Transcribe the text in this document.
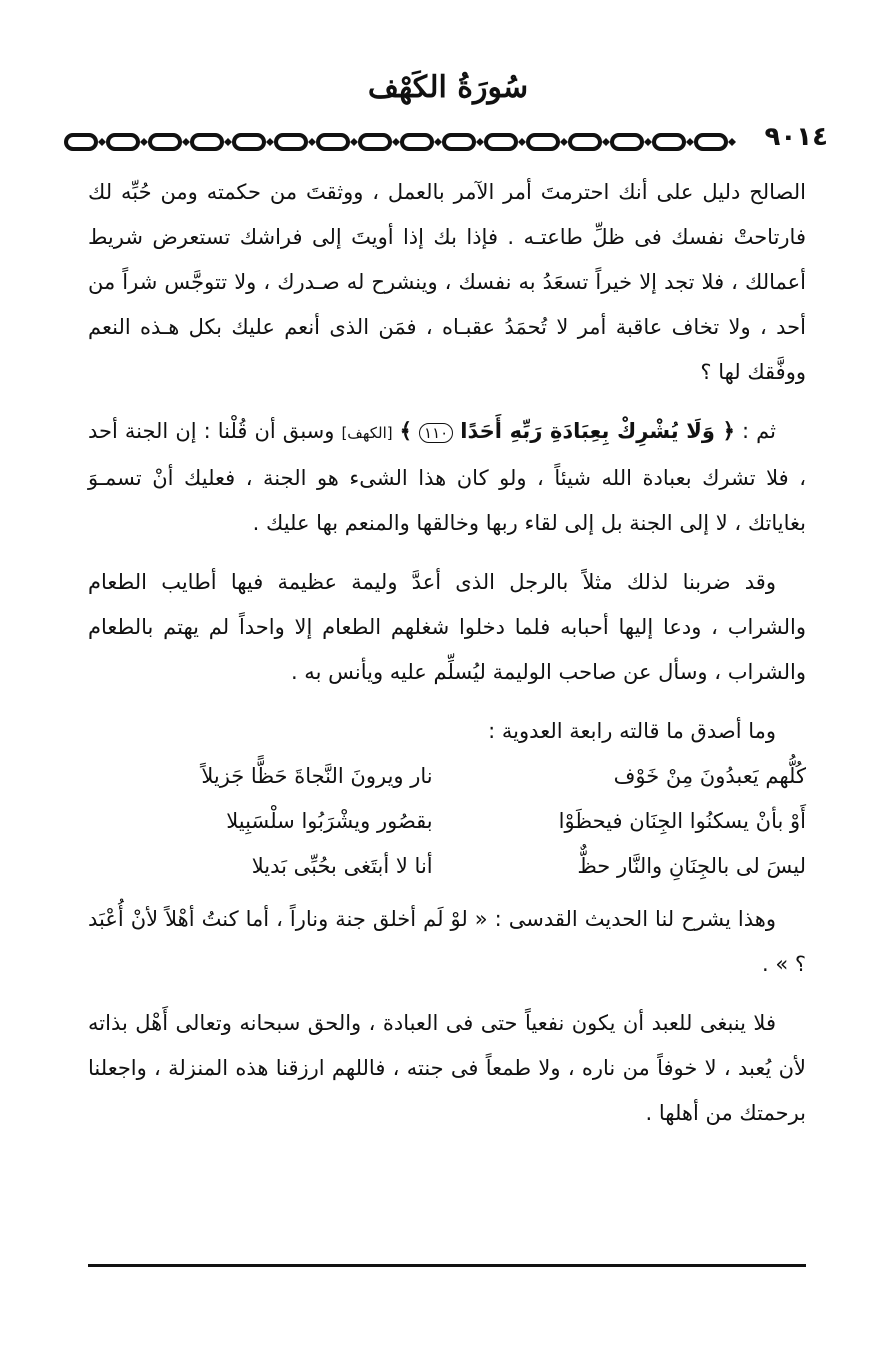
سُورَةُ الكَهْف
٩٠١٤

الصالح دليل على أنك احترمتَ أمر الآمر بالعمل ، ووثقتَ من حكمته ومن حُبِّه لك فارتاحتْ نفسك فى ظلِّ طاعتـه . فإذا بك إذا أويتَ إلى فراشك تستعرض شريط أعمالك ، فلا تجد إلا خيراً تسعَدُ به نفسك ، وينشرح له صـدرك ، ولا تتوجَّس شراً من أحد ، ولا تخاف عاقبة أمر لا تُحمَدُ عقبـاه ، فمَن الذى أنعم عليك بكل هـذه النعم ووفَّقك لها ؟

ثم : ﴿ وَلَا يُشْرِكْ بِعِبَادَةِ رَبِّهِ أَحَدًا ١١٠ ﴾ [الكهف] وسبق أن قُلْنا : إن الجنة أحد ، فلا تشرك بعبادة الله شيئاً ، ولو كان هذا الشىء هو الجنة ، فعليك أنْ تسمـوَ بغاياتك ، لا إلى الجنة بل إلى لقاء ربها وخالقها والمنعم بها عليك .

وقد ضربنا لذلك مثلاً بالرجل الذى أعدَّ وليمة عظيمة فيها أطايب الطعام والشراب ، ودعا إليها أحبابه فلما دخلوا شغلهم الطعام إلا واحداً لم يهتم بالطعام والشراب ، وسأل عن صاحب الوليمة ليُسلِّم عليه ويأنس به .

وما أصدق ما قالته رابعة العدوية :

كُلُّهم يَعبدُونَ مِنْ خَوْف
نار ويرونَ النَّجاةَ حَظًّا جَزيلاً
أَوْ بأنْ يسكنُوا الجِنَان فيحظَوْا
بقصُور ويشْرَبُوا سلْسَبِيلا
ليسَ لى بالجِنَانِ والنَّار حظٌّ
أنا لا أبتَغى بحُبِّى بَديلا

وهذا يشرح لنا الحديث القدسى : « لوْ لَم أخلق جنة وناراً ، أما كنتُ أهْلاً لأنْ أُعْبَد ؟ » .

فلا ينبغى للعبد أن يكون نفعياً حتى فى العبادة ، والحق سبحانه وتعالى أَهْل بذاته لأن يُعبد ، لا خوفاً من ناره ، ولا طمعاً فى جنته ، فاللهم ارزقنا هذه المنزلة ، واجعلنا برحمتك من أهلها .
